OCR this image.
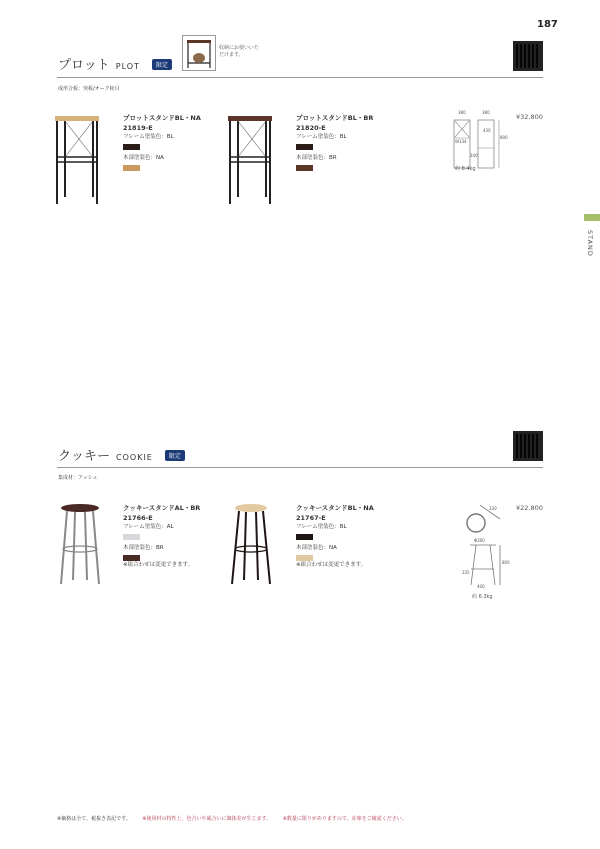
187
STAND
プロット PLOT	限定
収納にお使いいただけます。
成形合板：突板/オーク柾目
プロットスタンドBL・NA
21819-E
フレーム塗装色：BL
木部塗装色：NA
プロットスタンドBL・BR
21820-E
フレーム塗装色：BL
木部塗装色：BR
380	380
430
800
340
W134
約 8.4kg
¥32,800
クッキー COOKIE	限定
集成材：アッシュ
クッキースタンドAL・BR
21766-E
フレーム塗装色：AL
木部塗装色：BR
※組合わせは変更できます。
クッキースタンドBL・NA
21767-E
フレーム塗装色：BL
木部塗装色：NA
※組合わせは変更できます。
330
Φ300
800
335
400
約 6.3kg
¥22,800
※価格は全て、税抜き表記です。 ※使用材の特性上、色合いや風合いに個体差が生じます。 ※数量に限りがありますので、在庫をご確認ください。
